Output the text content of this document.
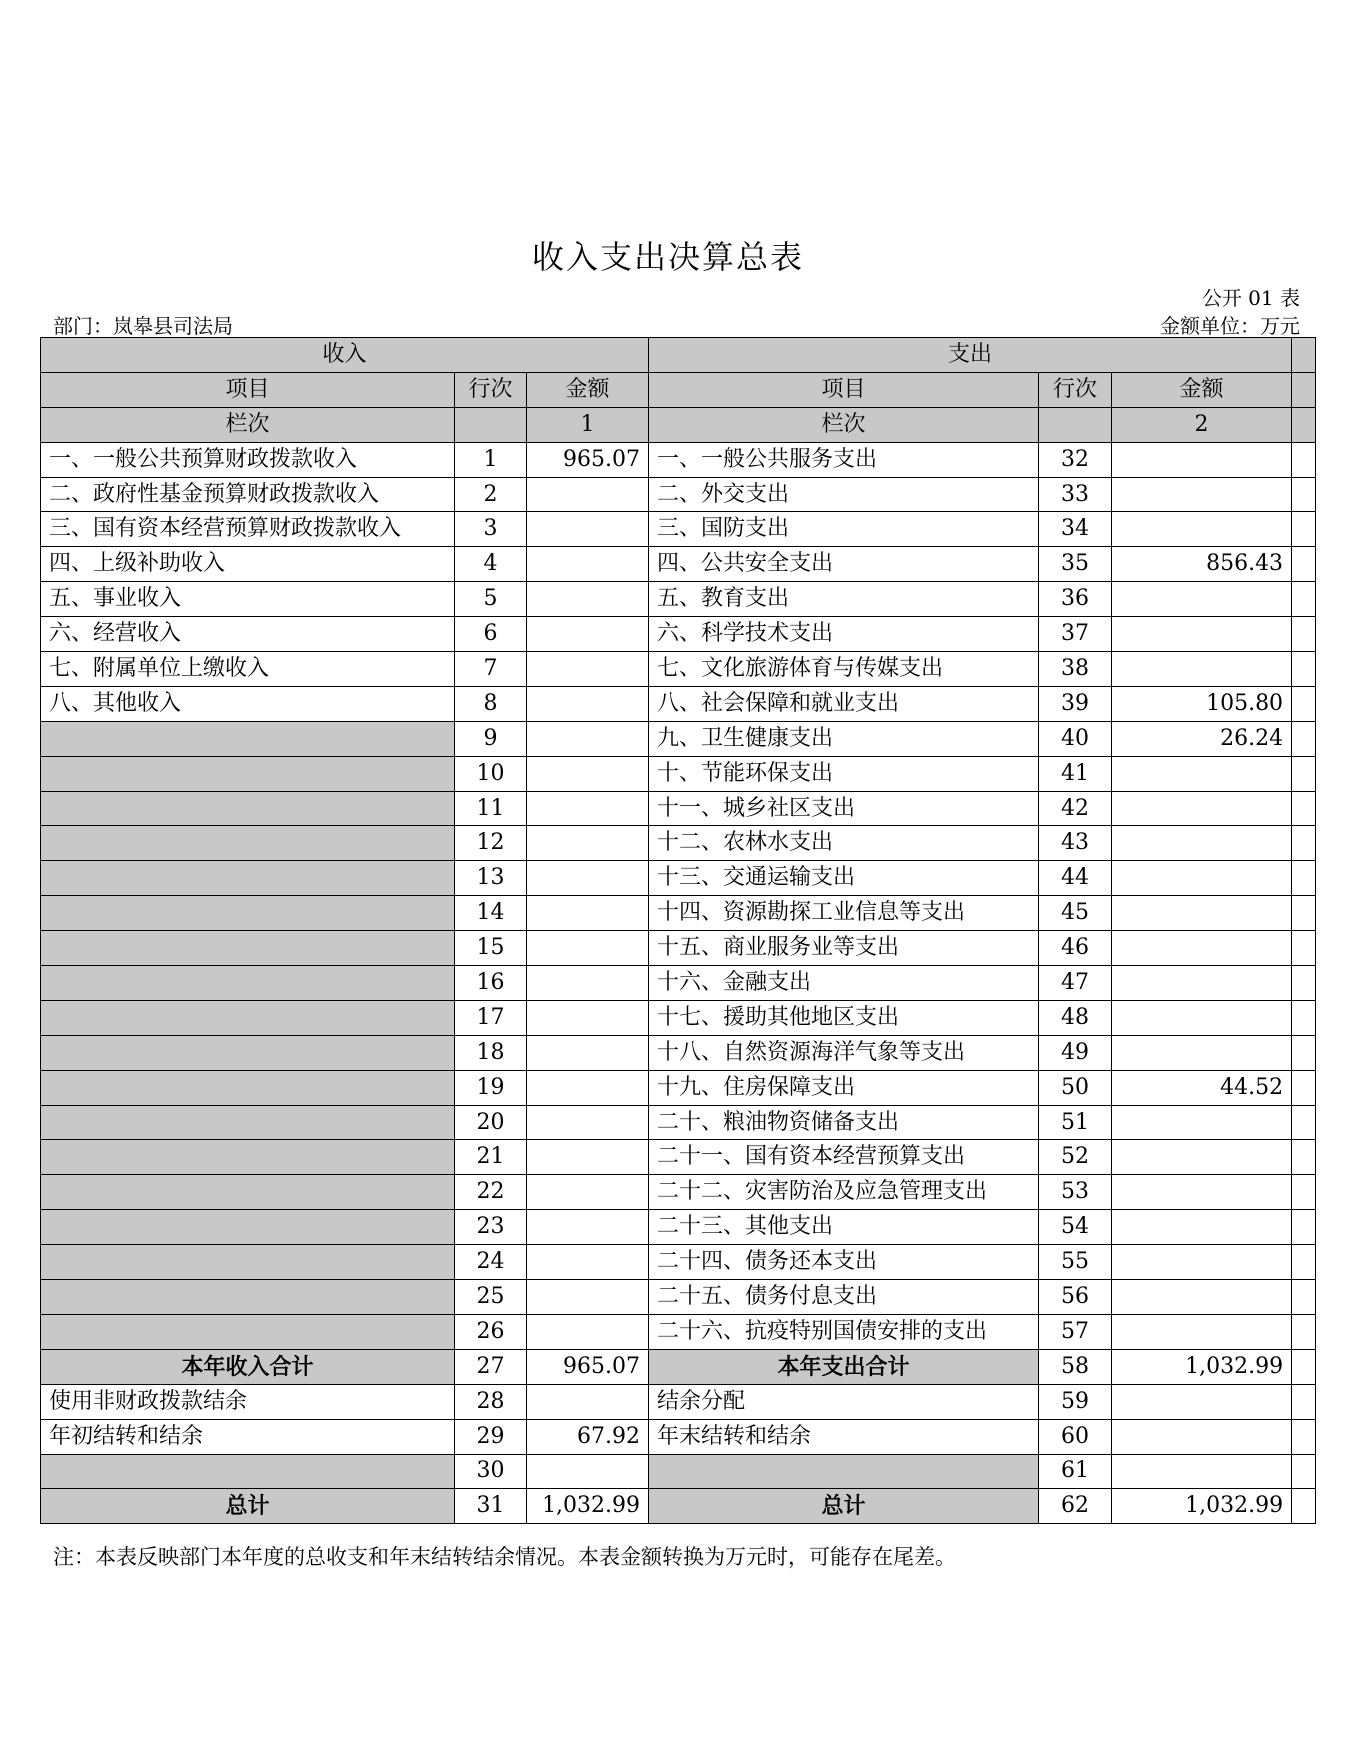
收入支出决算总表
公开 01 表
部门：岚皋县司法局	金额单位：万元
收入			支出			
项目	行次	金额	项目	行次	金额	
栏次		1	栏次		2	
一、一般公共预算财政拨款收入	1	965.07	一、一般公共服务支出	32		
二、政府性基金预算财政拨款收入	2		二、外交支出	33		
三、国有资本经营预算财政拨款收入	3		三、国防支出	34		
四、上级补助收入	4		四、公共安全支出	35	856.43	
五、事业收入	5		五、教育支出	36		
六、经营收入	6		六、科学技术支出	37		
七、附属单位上缴收入	7		七、文化旅游体育与传媒支出	38		
八、其他收入	8		八、社会保障和就业支出	39	105.80	
	9		九、卫生健康支出	40	26.24	
	10		十、节能环保支出	41		
	11		十一、城乡社区支出	42		
	12		十二、农林水支出	43		
	13		十三、交通运输支出	44		
	14		十四、资源勘探工业信息等支出	45		
	15		十五、商业服务业等支出	46		
	16		十六、金融支出	47		
	17		十七、援助其他地区支出	48		
	18		十八、自然资源海洋气象等支出	49		
	19		十九、住房保障支出	50	44.52	
	20		二十、粮油物资储备支出	51		
	21		二十一、国有资本经营预算支出	52		
	22		二十二、灾害防治及应急管理支出	53		
	23		二十三、其他支出	54		
	24		二十四、债务还本支出	55		
	25		二十五、债务付息支出	56		
	26		二十六、抗疫特别国债安排的支出	57		
本年收入合计	27	965.07	本年支出合计	58	1,032.99	
使用非财政拨款结余	28		结余分配	59		
年初结转和结余	29	67.92	年末结转和结余	60		
	30			61		
总计	31	1,032.99	总计	62	1,032.99	
注：本表反映部门本年度的总收支和年末结转结余情况。本表金额转换为万元时，可能存在尾差。
